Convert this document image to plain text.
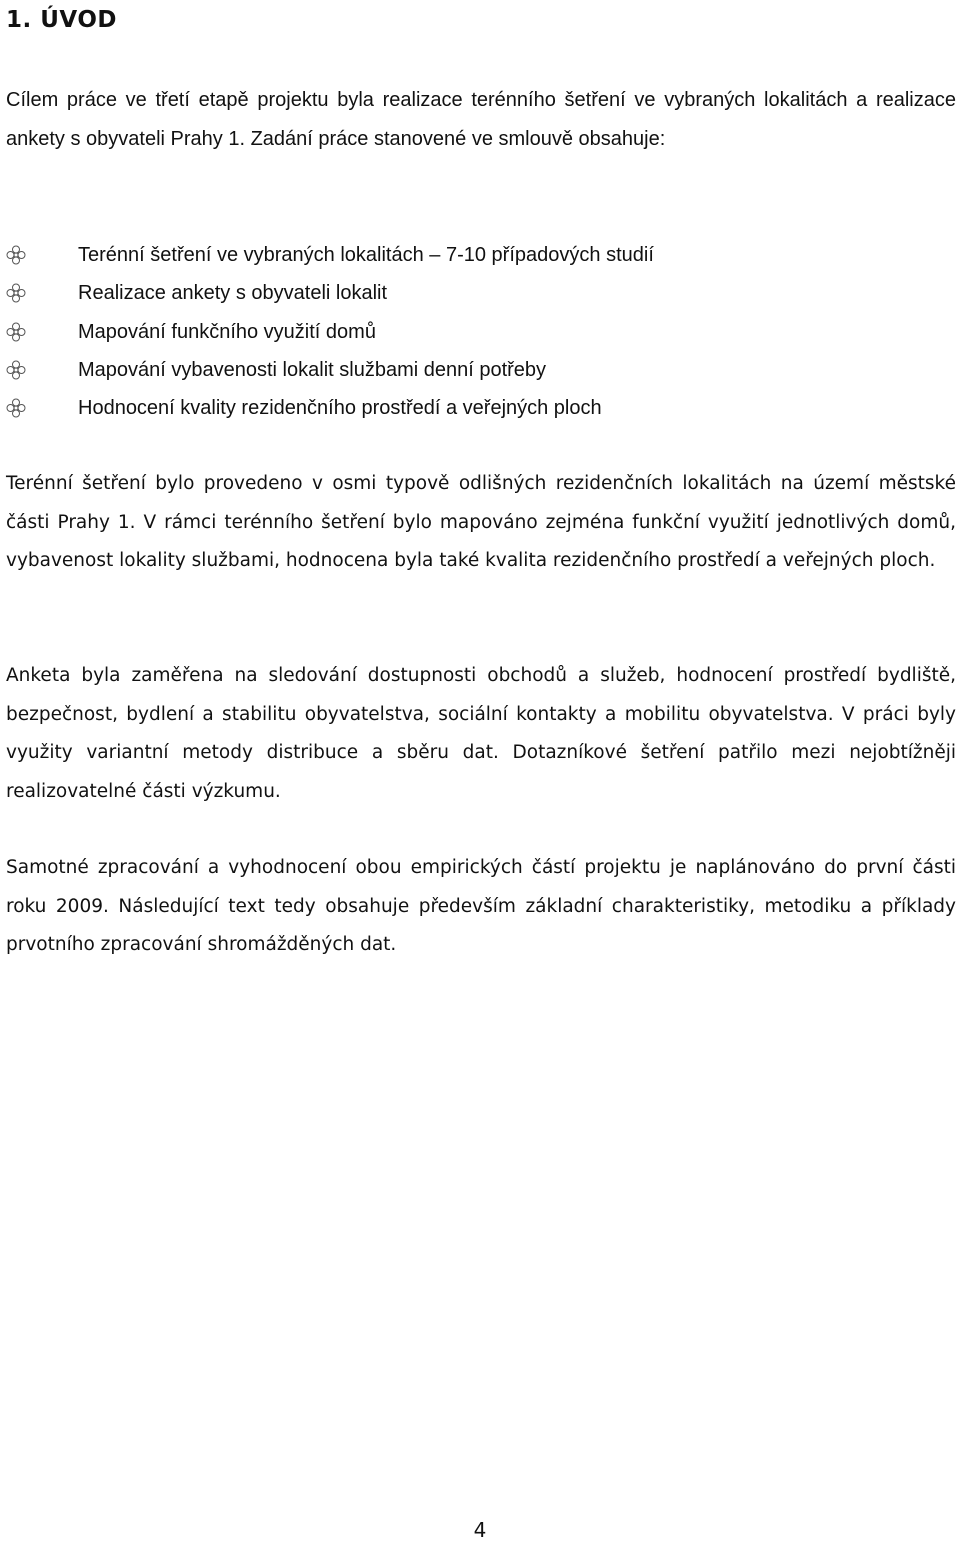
1. ÚVOD

Cílem práce ve třetí etapě projektu byla realizace terénního šetření ve vybraných lokalitách a realizace ankety s obyvateli Prahy 1. Zadání práce stanovené ve smlouvě obsahuje:

Terénní šetření ve vybraných lokalitách – 7-10 případových studií
Realizace ankety s obyvateli lokalit
Mapování funkčního využití domů
Mapování vybavenosti lokalit službami denní potřeby
Hodnocení kvality rezidenčního prostředí a veřejných ploch

Terénní šetření bylo provedeno v osmi typově odlišných rezidenčních lokalitách na území městské části Prahy 1. V rámci terénního šetření bylo mapováno zejména funkční využití jednotlivých domů, vybavenost lokality službami, hodnocena byla také kvalita rezidenčního prostředí a veřejných ploch.

Anketa byla zaměřena na sledování dostupnosti obchodů a služeb, hodnocení prostředí bydliště, bezpečnost, bydlení a stabilitu obyvatelstva, sociální kontakty a mobilitu obyvatelstva. V práci byly využity variantní metody distribuce a sběru dat. Dotazníkové šetření patřilo mezi nejobtížněji realizovatelné části výzkumu.

Samotné zpracování a vyhodnocení obou empirických částí projektu je naplánováno do první části roku 2009. Následující text tedy obsahuje především základní charakteristiky, metodiku a příklady prvotního zpracování shromážděných dat.

4
